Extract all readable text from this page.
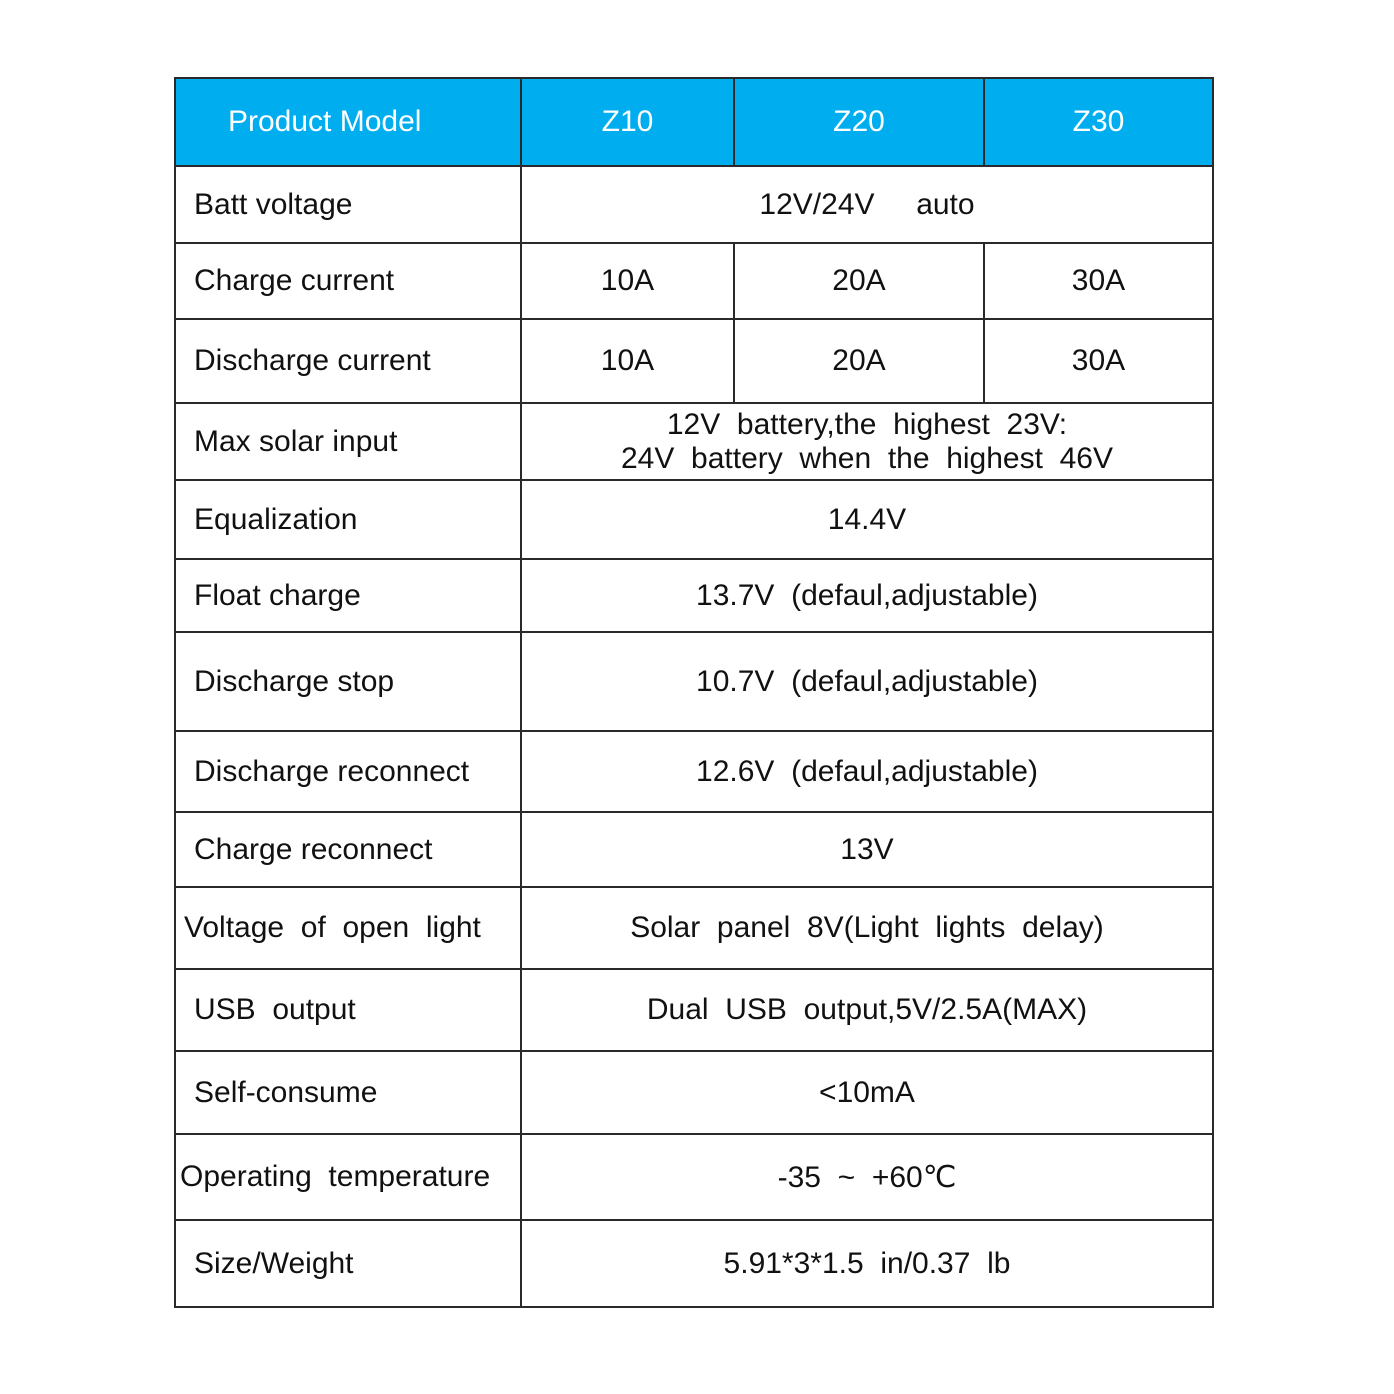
Product Model	Z10	Z20	Z30
Batt voltage	12V/24V     auto		
Charge current	10A	20A	30A
Discharge current	10A	20A	30A
Max solar input	12V  battery,the  highest  23V:
24V  battery  when  the  highest  46V		

Equalization	14.4V		
Float charge	13.7V  (defaul,adjustable)		
Discharge stop	10.7V  (defaul,adjustable)		
Discharge reconnect	12.6V  (defaul,adjustable)		
Charge reconnect	13V		
Voltage  of  open  light	Solar  panel  8V(Light  lights  delay)		
USB  output	Dual  USB  output,5V/2.5A(MAX)		
Self-consume	<10mA		
Operating  temperature	-35  ~  +60℃		
Size/Weight	5.91*3*1.5  in/0.37  lb		
